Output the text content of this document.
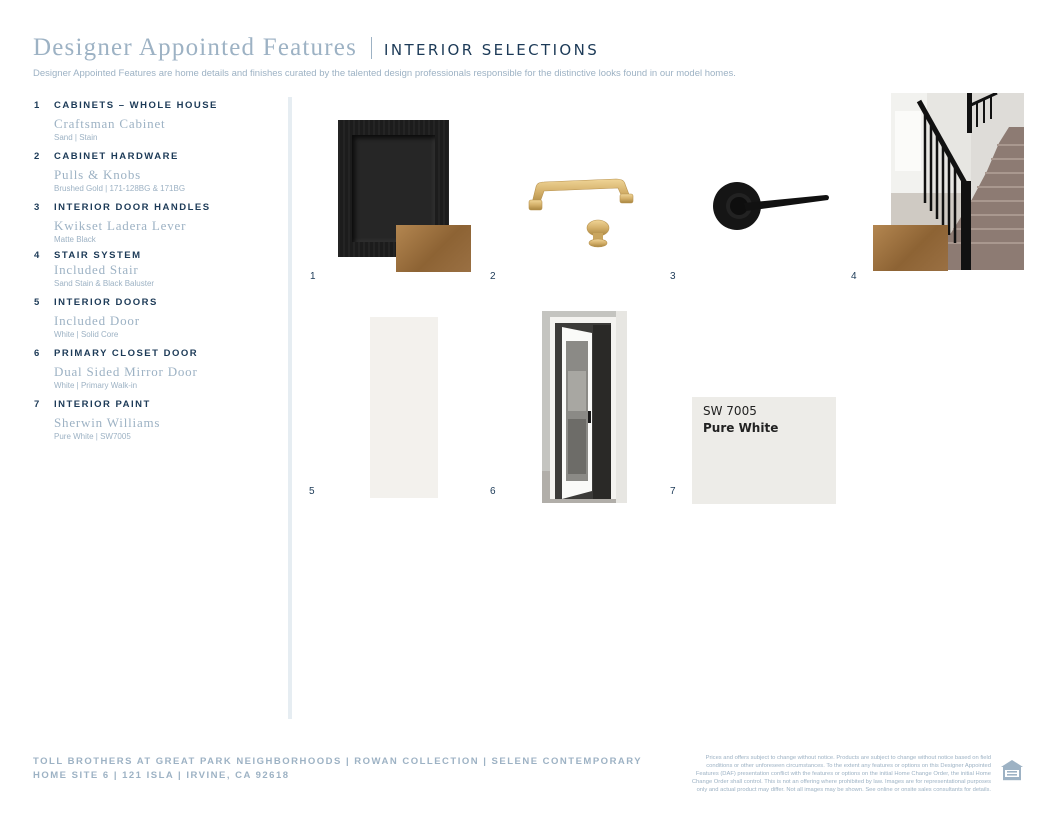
Designer Appointed Features INTERIOR SELECTIONS
Designer Appointed Features are home details and finishes curated by the talented design professionals responsible for the distinctive looks found in our model homes.
1	CABINETS – WHOLE HOUSE
Craftsman Cabinet
Sand | Stain
2	CABINET HARDWARE
Pulls & Knobs
Brushed Gold | 171-128BG & 171BG
3	INTERIOR DOOR HANDLES
Kwikset Ladera Lever
Matte Black
4	STAIR SYSTEM
Included Stair
Sand Stain & Black Baluster
5	INTERIOR DOORS
Included Door
White | Solid Core
6	PRIMARY CLOSET DOOR
Dual Sided Mirror Door
White | Primary Walk-in
7	INTERIOR PAINT
Sherwin Williams
Pure White | SW7005
1	2	3	4
5	6
SW 7005
Pure White
7
TOLL BROTHERS AT GREAT PARK NEIGHBORHOODS | ROWAN COLLECTION | SELENE CONTEMPORARY
HOME SITE 6 | 121 ISLA | IRVINE, CA 92618
Prices and offers subject to change without notice. Products are subject to change without notice based on field conditions or other unforeseen circumstances. To the extent any features or options on this Designer Appointed Features (DAF) presentation conflict with the features or options on the initial Home Change Order, the initial Home Change Order shall control. This is not an offering where prohibited by law. Images are for representational purposes only and actual product may differ. Not all images may be shown. See online or onsite sales consultants for details.
